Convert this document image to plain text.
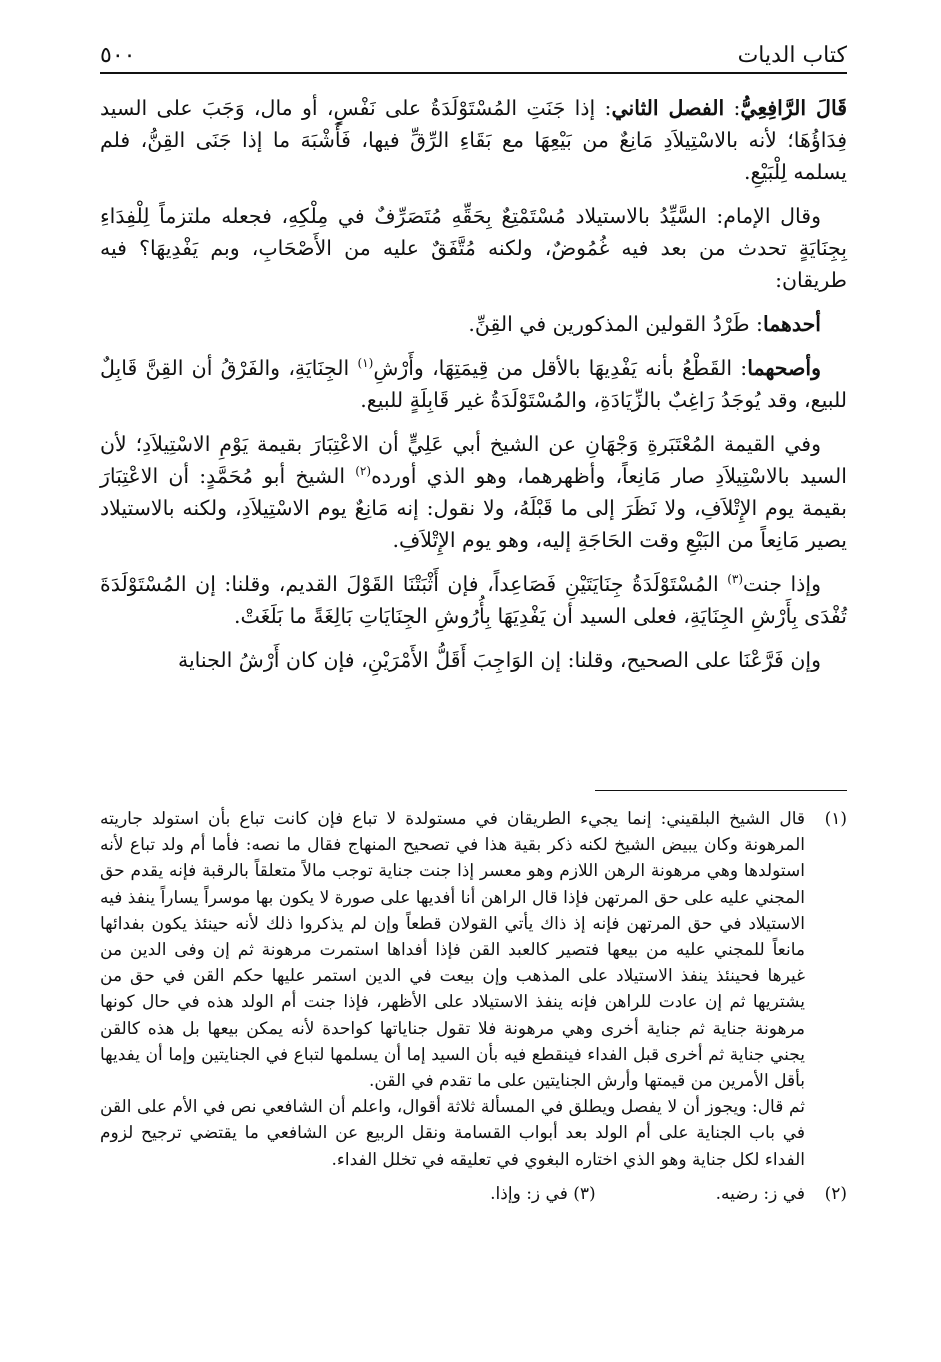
كتاب الديات
٥٠٠

قَالَ الرَّافِعِيُّ: الفصل الثاني: إذا جَنَتِ المُسْتَوْلَدَةُ على نَفْسٍ، أو مال، وَجَبَ على السيد فِدَاؤُهَا؛ لأنه بالاسْتِيلاَدِ مَانِعٌ من بَيْعِهَا مع بَقَاءِ الرِّقِّ فيها، فَأَشْبَهَ ما إذا جَنَى القِنُّ، فلم يسلمه لِلْبَيْعِ.

وقال الإمام: السَّيِّدُ بالاستيلاد مُسْتَمْتِعٌ بِحَقِّهِ مُتَصَرِّفٌ في مِلْكِهِ، فجعله ملتزماً لِلْفِدَاءِ بِجِنَايَةٍ تحدث من بعد فيه غُمُوضٌ، ولكنه مُتَّفَقٌ عليه من الأَصْحَابِ، وبم يَفْدِيهَا؟ فيه طريقان:

أحدهما: طَرْدُ القولين المذكورين في القِنِّ.

وأصحهما: القَطْعُ بأنه يَفْدِيهَا بالأقل من قِيمَتِهَا، وأَرْشِ$^{(١)}$ الجِنَايَةِ، والفَرْقُ أن القِنَّ قَابِلٌ للبيع، وقد يُوجَدُ رَاغِبٌ بالزِّيَادَةِ، والمُسْتَوْلَدَةُ غير قَابِلَةٍ للبيع.

وفي القيمة المُعْتَبَرةِ وَجْهَانِ عن الشيخ أبي عَلِيٍّ أن الاعْتِبَارَ بقيمة يَوْمِ الاسْتِيلاَدِ؛ لأن السيد بالاسْتِيلاَدِ صار مَانِعاً، وأظهرهما، وهو الذي أورده$^{(٢)}$ الشيخ أبو مُحَمَّدٍ: أن الاعْتِبَارَ بقيمة يوم الإِتْلاَفِ، ولا نَظَرَ إلى ما قَبْلَهُ، ولا نقول: إنه مَانِعٌ يوم الاسْتِيلاَدِ، ولكنه بالاستيلاد يصير مَانِعاً من البَيْعِ وقت الحَاجَةِ إليه، وهو يوم الإِتْلاَفِ.

وإذا جنت$^{(٣)}$ المُسْتَوْلَدَةُ جِنَايَتَيْنِ فَصَاعِداً، فإن أَثْبَتْنَا القَوْلَ القديم، وقلنا: إن المُسْتَوْلَدَةَ تُفْدَى بِأَرْشِ الجِنَايَةِ، فعلى السيد أن يَفْدِيَهَا بِأُرُوشِ الجِنَايَاتِ بَالِغَةً ما بَلَغَتْ.

وإن فَرَّعْنَا على الصحيح، وقلنا: إن الوَاجِبَ أَقَلُّ الأَمْرَيْنِ، فإن كان أَرْشُ الجناية

(١)

قال الشيخ البلقيني: إنما يجيء الطريقان في مستولدة لا تباع فإن كانت تباع بأن استولد جاريته المرهونة وكان يبيض الشيخ لكنه ذكر بقية هذا في تصحيح المنهاج فقال ما نصه: فأما أم ولد تباع لأنه استولدها وهي مرهونة الرهن اللازم وهو معسر إذا جنت جناية توجب مالاً متعلقاً بالرقبة فإنه يقدم حق المجني عليه على حق المرتهن فإذا قال الراهن أنا أفديها على صورة لا يكون بها موسراً يساراً ينفذ فيه الاستيلاد في حق المرتهن فإنه إذ ذاك يأتي القولان قطعاً وإن لم يذكروا ذلك لأنه حينئذ يكون بفدائها مانعاً للمجني عليه من بيعها فتصير كالعبد القن فإذا أفداها استمرت مرهونة ثم إن وفى الدين من غيرها فحينئذ ينفذ الاستيلاد على المذهب وإن بيعت في الدين استمر عليها حكم القن في حق من يشتريها ثم إن عادت للراهن فإنه ينفذ الاستيلاد على الأظهر، فإذا جنت أم الولد هذه في حال كونها مرهونة جناية ثم جناية أخرى وهي مرهونة فلا تقول جناياتها كواحدة لأنه يمكن بيعها بل هذه كالقن يجني جناية ثم أخرى قبل الفداء فينقطع فيه بأن السيد إما أن يسلمها لتباع في الجنايتين وإما أن يفديها بأقل الأمرين من قيمتها وأرش الجنايتين على ما تقدم في القن.

ثم قال: ويجوز أن لا يفصل ويطلق في المسألة ثلاثة أقوال، واعلم أن الشافعي نص في الأم على القن في باب الجناية على أم الولد بعد أبواب القسامة ونقل الربيع عن الشافعي ما يقتضي ترجيح لزوم الفداء لكل جناية وهو الذي اختاره البغوي في تعليقه في تخلل الفداء.

(٢)
في ز: رضيه.(٣) في ز: وإذا.
